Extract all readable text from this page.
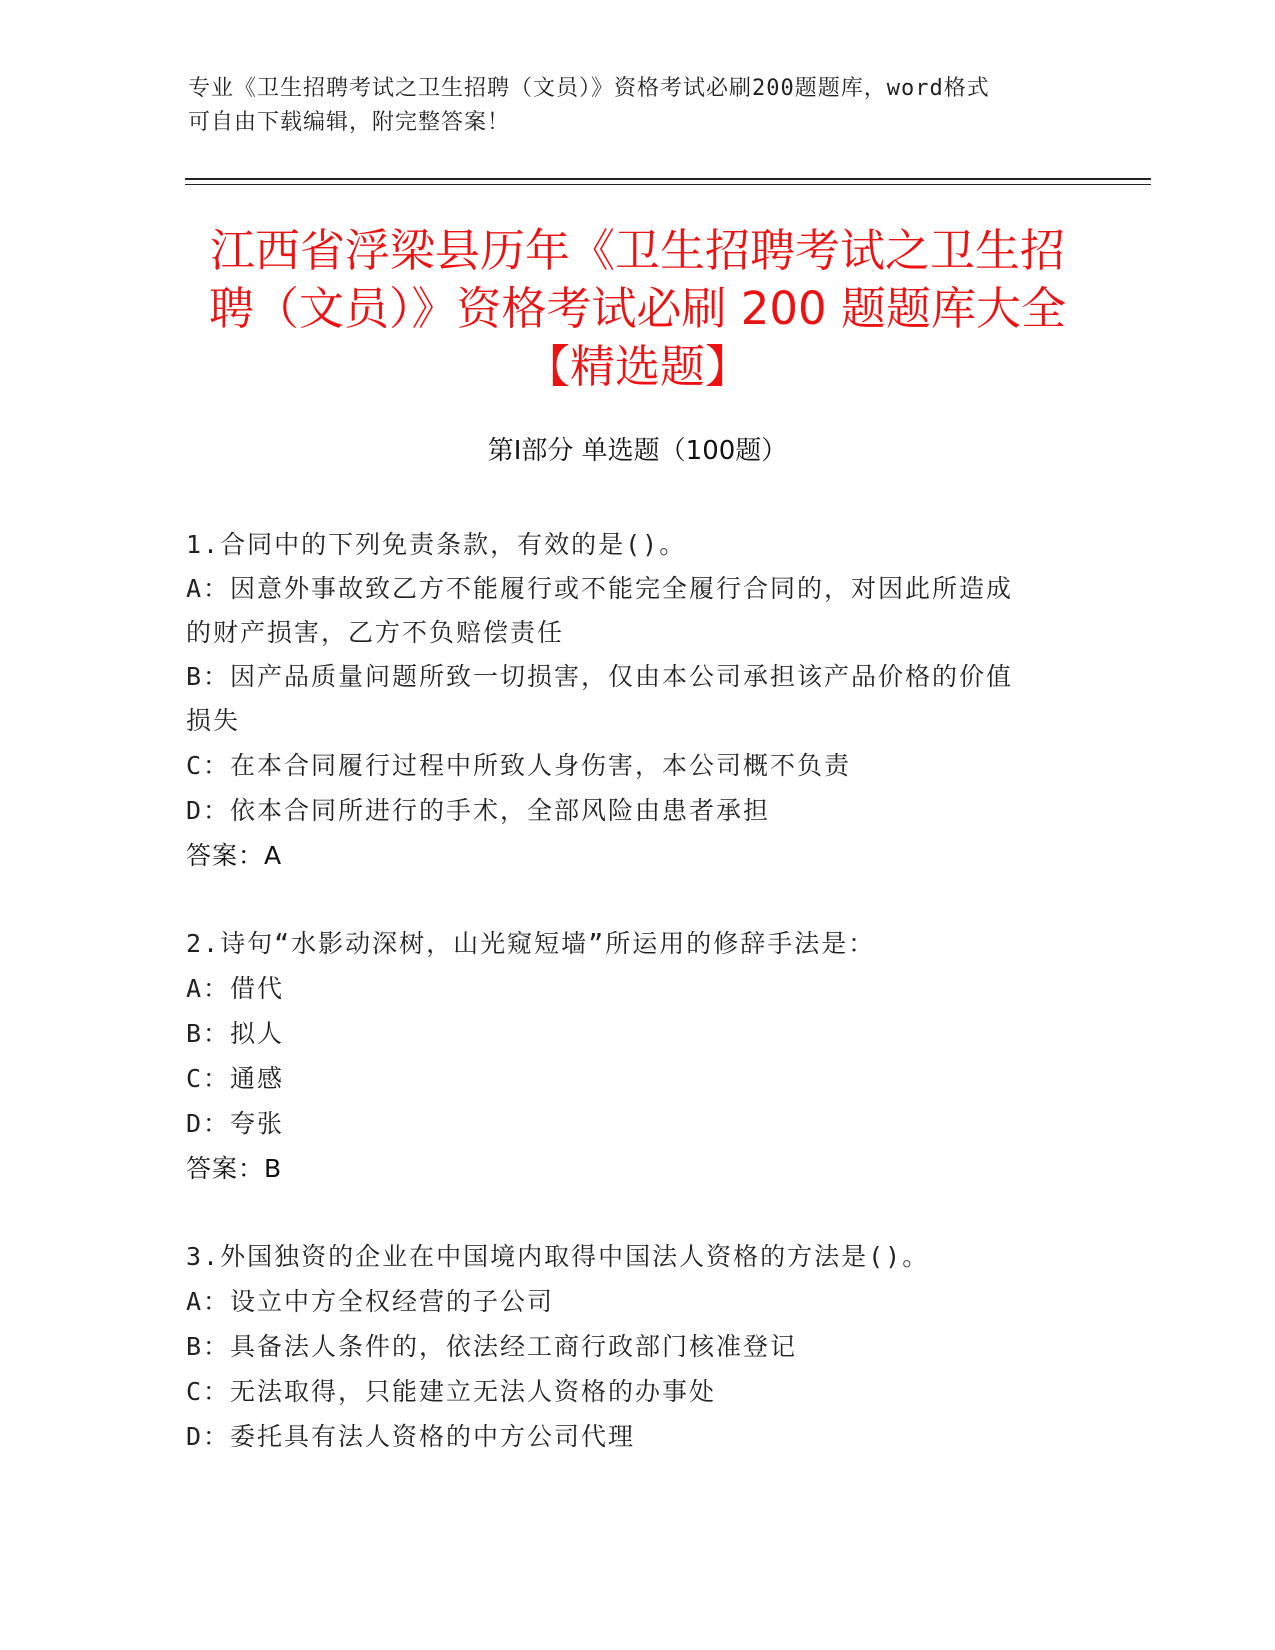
专业《卫生招聘考试之卫生招聘（文员）》资格考试必刷200题题库，word格式
可自由下载编辑，附完整答案！
江西省浮梁县历年《卫生招聘考试之卫生招
聘（文员）》资格考试必刷 200 题题库大全
【精选题】
第Ⅰ部分 单选题（100题）
1.合同中的下列免责条款，有效的是()。
A：因意外事故致乙方不能履行或不能完全履行合同的，对因此所造成
的财产损害，乙方不负赔偿责任
B：因产品质量问题所致一切损害，仅由本公司承担该产品价格的价值
损失
C：在本合同履行过程中所致人身伤害，本公司概不负责
D：依本合同所进行的手术，全部风险由患者承担
答案：A
2.诗句“水影动深树，山光窥短墙”所运用的修辞手法是：
A：借代
B：拟人
C：通感
D：夸张
答案：B
3.外国独资的企业在中国境内取得中国法人资格的方法是()。
A：设立中方全权经营的子公司
B：具备法人条件的，依法经工商行政部门核准登记
C：无法取得，只能建立无法人资格的办事处
D：委托具有法人资格的中方公司代理
